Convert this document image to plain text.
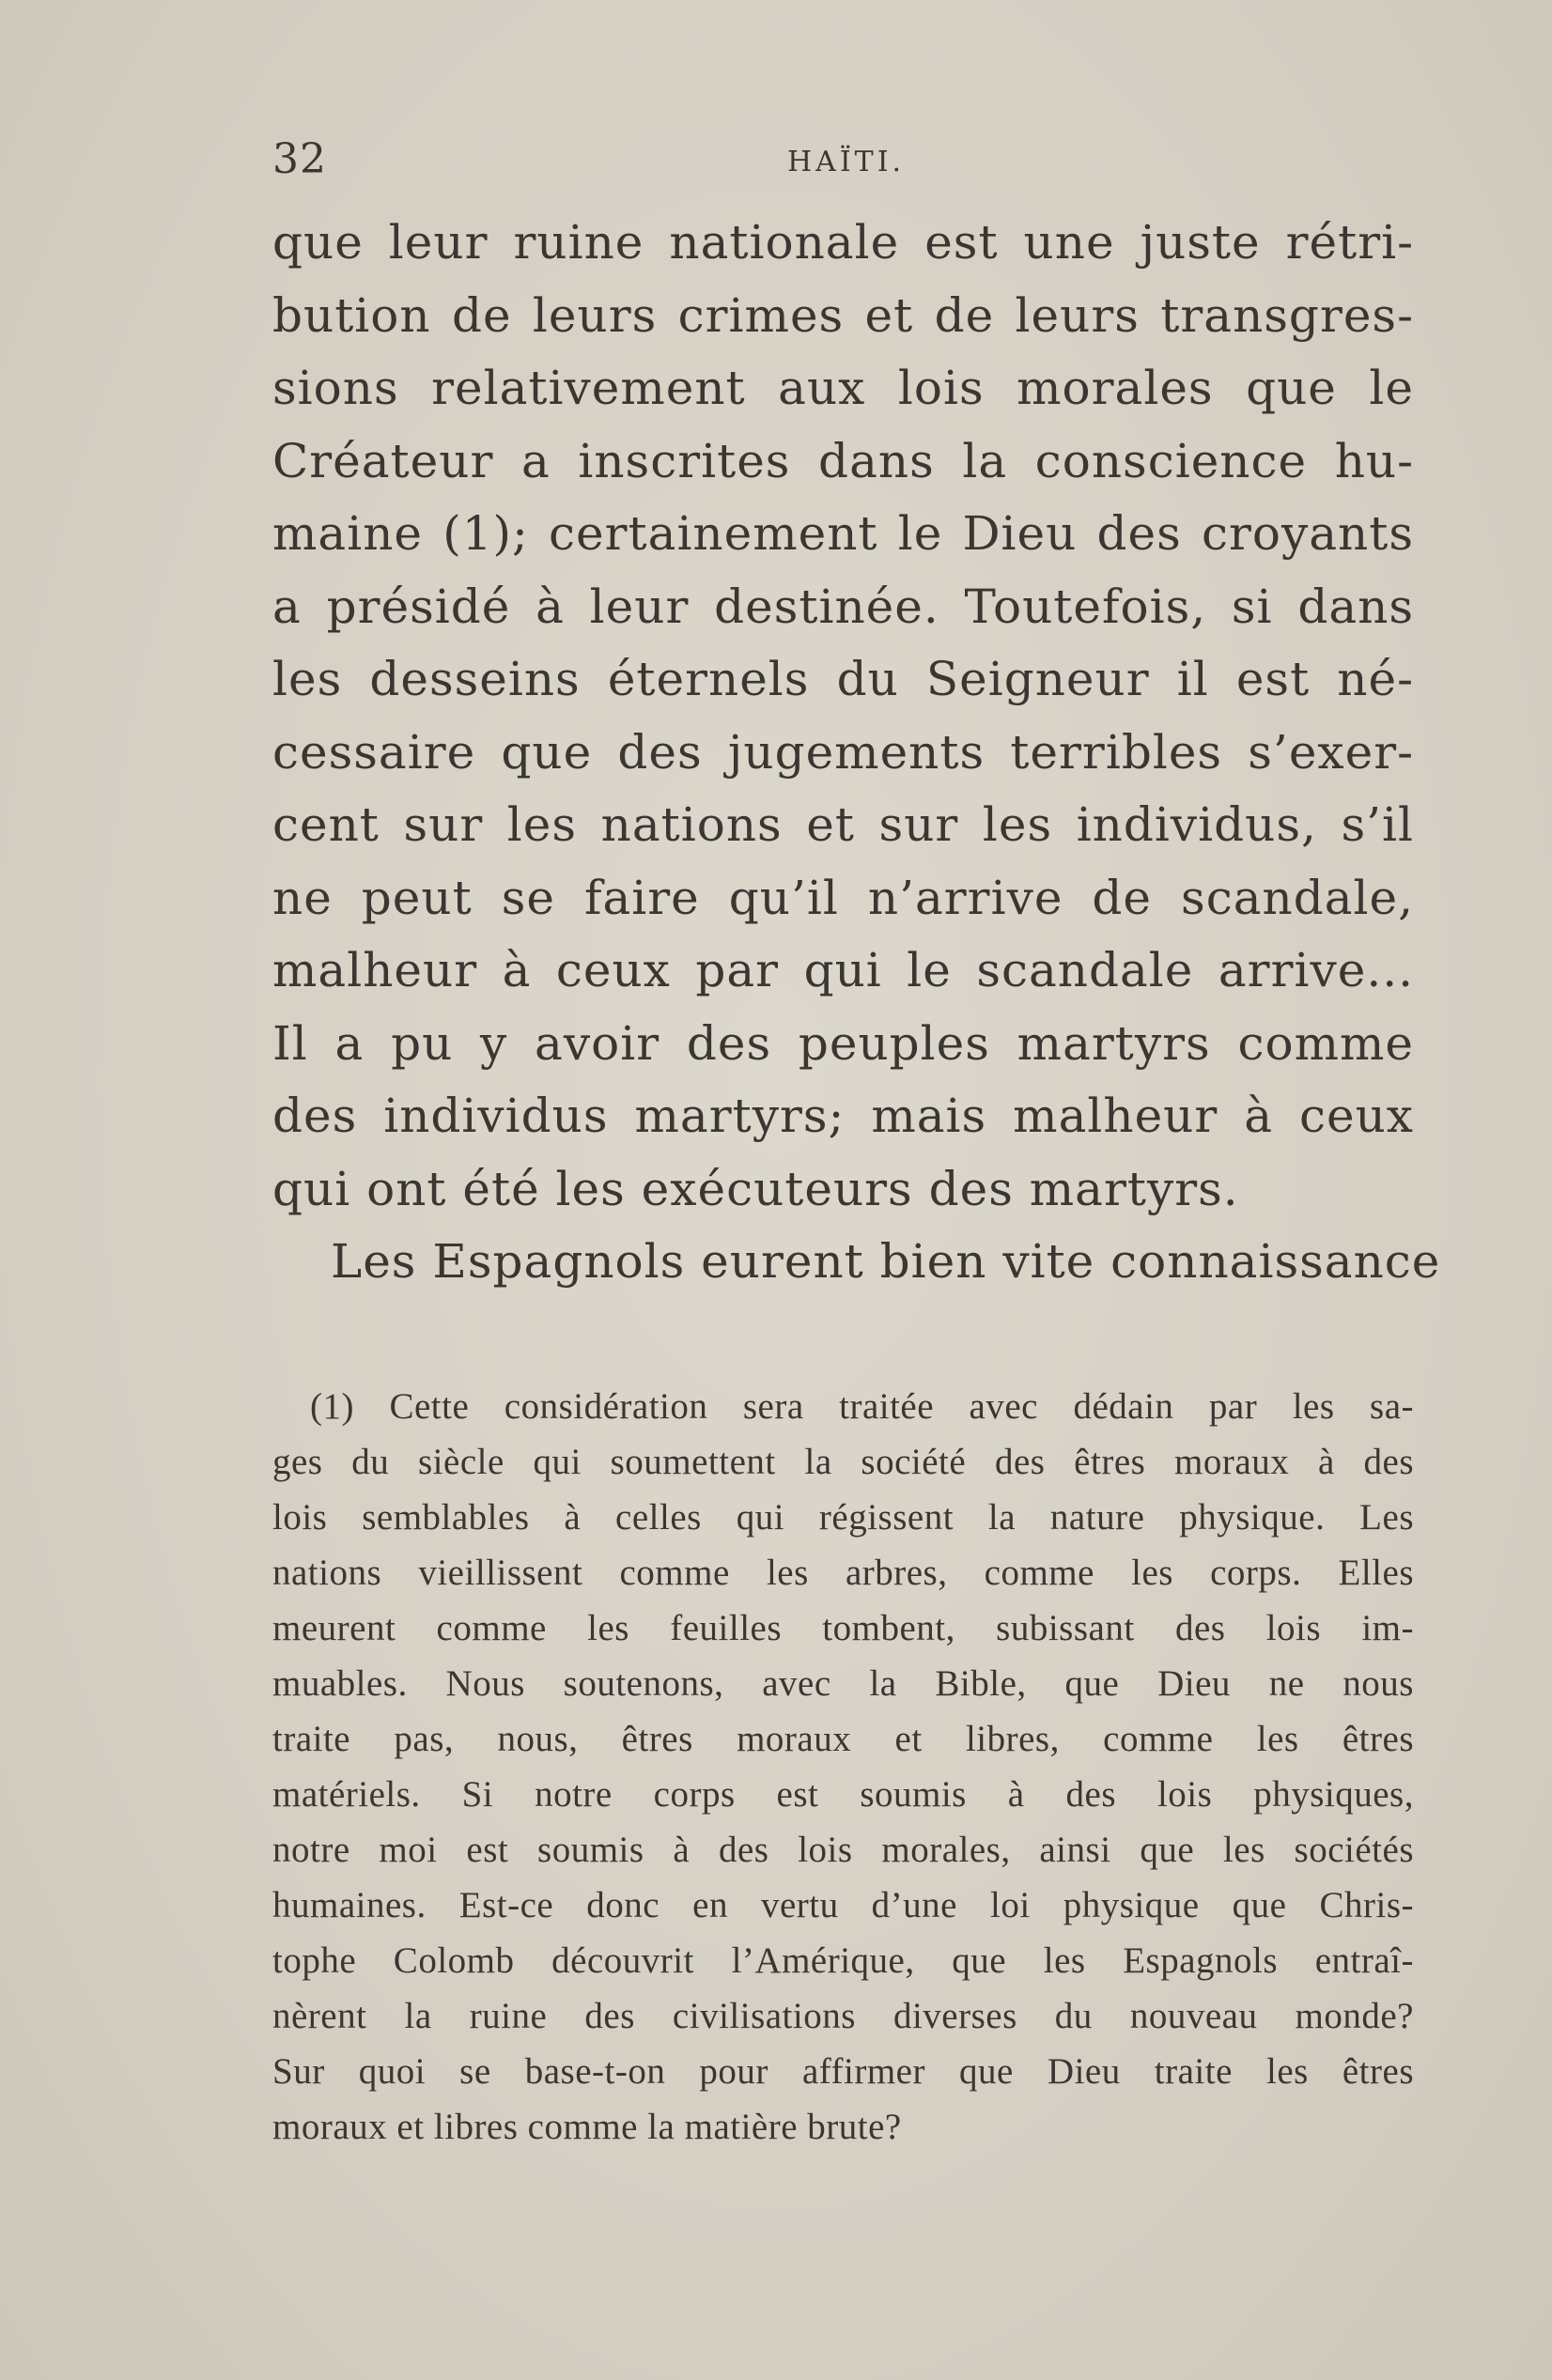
32	HAÏTI.
que leur ruine nationale est une juste rétri-
bution de leurs crimes et de leurs transgres-
sions relativement aux lois morales que le
Créateur a inscrites dans la conscience hu-
maine (1); certainement le Dieu des croyants
a présidé à leur destinée. Toutefois, si dans
les desseins éternels du Seigneur il est né-
cessaire que des jugements terribles s’exer-
cent sur les nations et sur les individus, s’il
ne peut se faire qu’il n’arrive de scandale,
malheur à ceux par qui le scandale arrive...
Il a pu y avoir des peuples martyrs comme
des individus martyrs; mais malheur à ceux
qui ont été les exécuteurs des martyrs.
Les Espagnols eurent bien vite connaissance
(1) Cette considération sera traitée avec dédain par les sa-
ges du siècle qui soumettent la société des êtres moraux à des
lois semblables à celles qui régissent la nature physique. Les
nations vieillissent comme les arbres, comme les corps. Elles
meurent comme les feuilles tombent, subissant des lois im-
muables. Nous soutenons, avec la Bible, que Dieu ne nous
traite pas, nous, êtres moraux et libres, comme les êtres
matériels. Si notre corps est soumis à des lois physiques,
notre moi est soumis à des lois morales, ainsi que les sociétés
humaines. Est-ce donc en vertu d’une loi physique que Chris-
tophe Colomb découvrit l’Amérique, que les Espagnols entraî-
nèrent la ruine des civilisations diverses du nouveau monde?
Sur quoi se base-t-on pour affirmer que Dieu traite les êtres
moraux et libres comme la matière brute?
